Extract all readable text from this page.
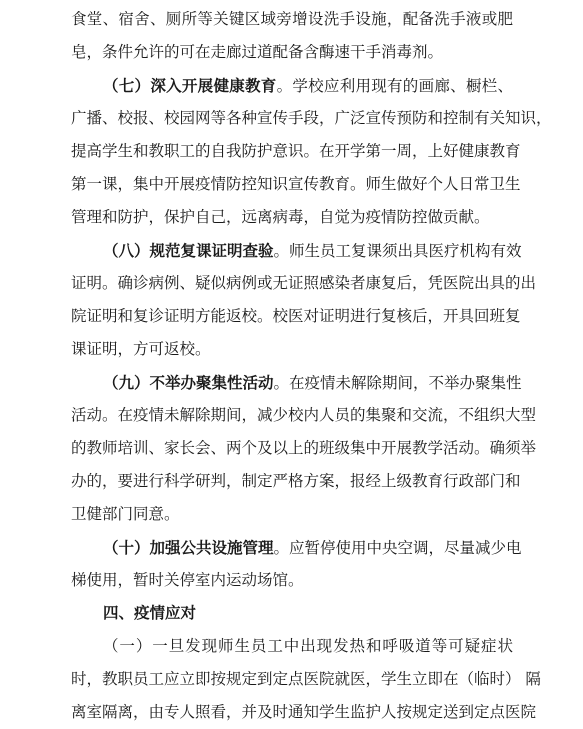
食堂、宿舍、厕所等关键区域旁增设洗手设施，配备洗手液或肥
皂，条件允许的可在走廊过道配备含酶速干手消毒剂。
（七）深入开展健康教育。学校应利用现有的画廊、橱栏、
广播、校报、校园网等各种宣传手段，广泛宣传预防和控制有关知识，
提高学生和教职工的自我防护意识。在开学第一周，上好健康教育
第一课，集中开展疫情防控知识宣传教育。师生做好个人日常卫生
管理和防护，保护自己，远离病毒，自觉为疫情防控做贡献。
（八）规范复课证明查验。师生员工复课须出具医疗机构有效
证明。确诊病例、疑似病例或无证照感染者康复后，凭医院出具的出
院证明和复诊证明方能返校。校医对证明进行复核后，开具回班复
课证明，方可返校。
（九）不举办聚集性活动。在疫情未解除期间，不举办聚集性
活动。在疫情未解除期间，减少校内人员的集聚和交流，不组织大型
的教师培训、家长会、两个及以上的班级集中开展教学活动。确须举
办的，要进行科学研判，制定严格方案，报经上级教育行政部门和
卫健部门同意。
（十）加强公共设施管理。应暂停使用中央空调，尽量减少电
梯使用，暂时关停室内运动场馆。
四、疫情应对
（一）一旦发现师生员工中出现发热和呼吸道等可疑症状
时，教职员工应立即按规定到定点医院就医，学生立即在（临时） 隔
离室隔离，由专人照看，并及时通知学生监护人按规定送到定点医院
